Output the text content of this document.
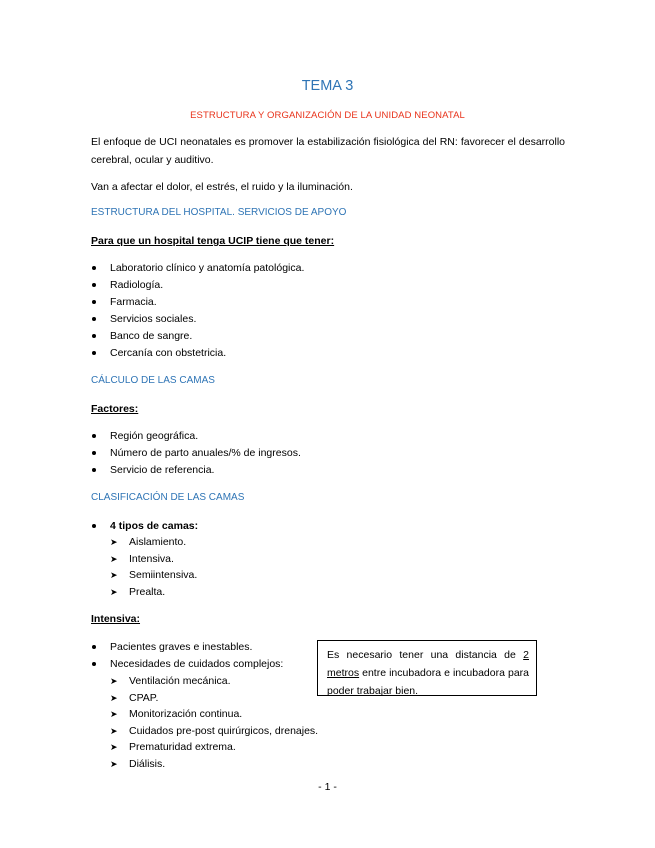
TEMA 3
ESTRUCTURA Y ORGANIZACIÓN DE LA UNIDAD NEONATAL
El enfoque de UCI neonatales es promover la estabilización fisiológica del RN: favorecer el desarrollo cerebral, ocular y auditivo.
Van a afectar el dolor, el estrés, el ruido y la iluminación.
ESTRUCTURA DEL HOSPITAL. SERVICIOS DE APOYO
Para que un hospital tenga UCIP tiene que tener:
Laboratorio clínico y anatomía patológica.
Radiología.
Farmacia.
Servicios sociales.
Banco de sangre.
Cercanía con obstetricia.
CÁLCULO DE LAS CAMAS
Factores:
Región geográfica.
Número de parto anuales/% de ingresos.
Servicio de referencia.
CLASIFICACIÓN DE LAS CAMAS
4 tipos de camas:
➤ Aislamiento.
➤ Intensiva.
➤ Semiintensiva.
➤ Prealta.
Intensiva:
Pacientes graves e inestables.
Necesidades de cuidados complejos:
➤ Ventilación mecánica.
➤ CPAP.
➤ Monitorización continua.
➤ Cuidados pre-post quirúrgicos, drenajes.
➤ Prematuridad extrema.
➤ Diálisis.
Es necesario tener una distancia de 2 metros entre incubadora e incubadora para poder trabajar bien.
- 1 -
